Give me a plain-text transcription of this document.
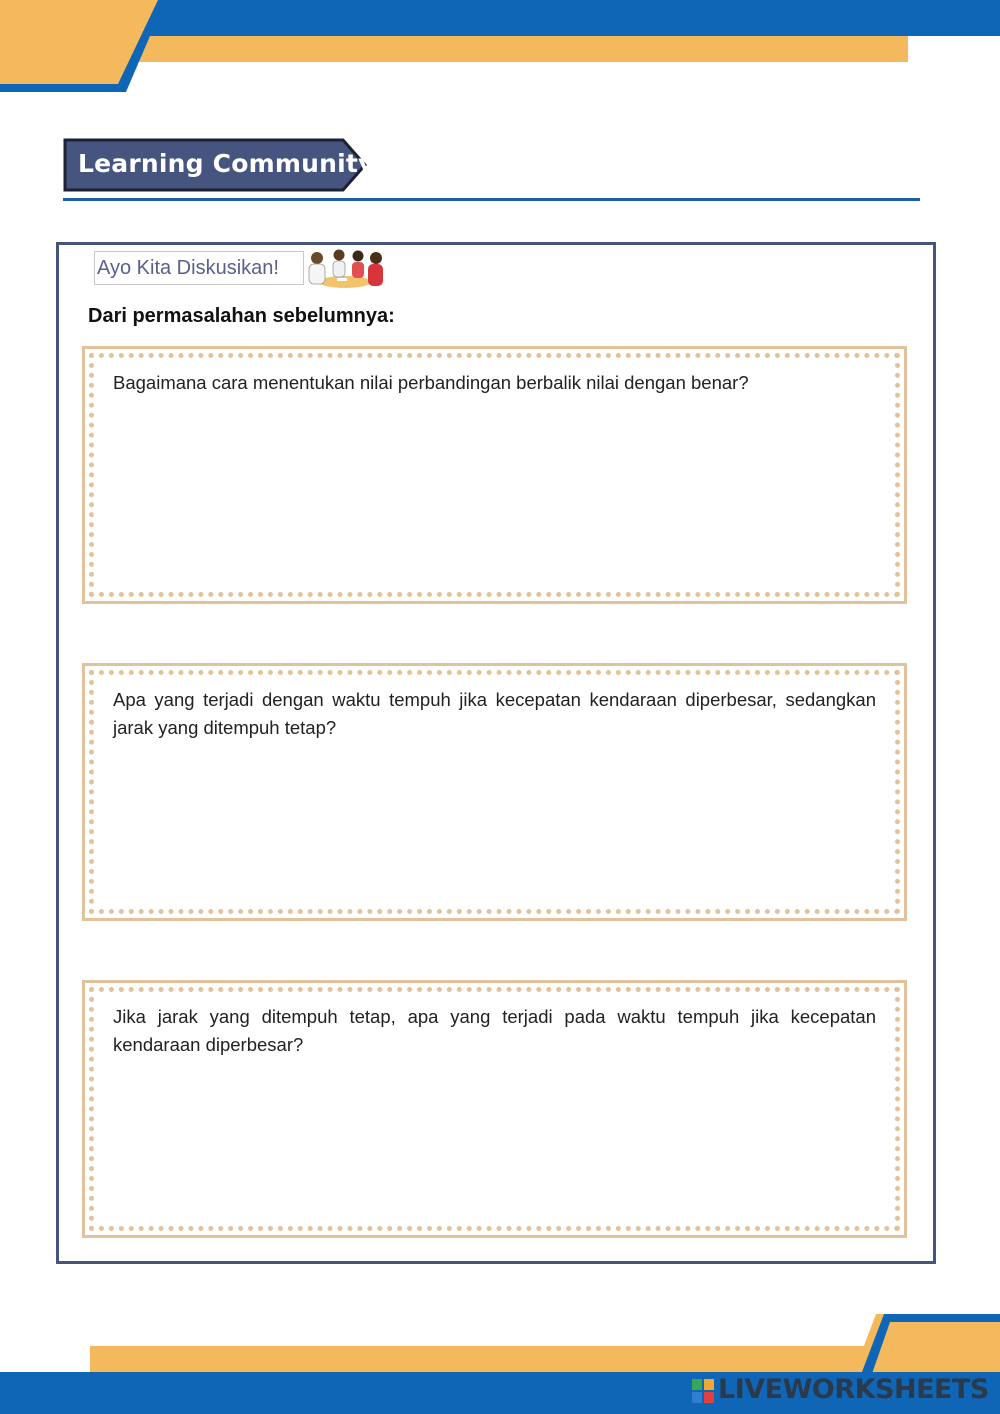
Learning Community
Ayo Kita Diskusikan!
Dari permasalahan sebelumnya:
Bagaimana cara menentukan nilai perbandingan berbalik nilai dengan benar?
Apa yang terjadi dengan waktu tempuh jika kecepatan kendaraan diperbesar, sedangkan jarak yang ditempuh tetap?
Jika jarak yang ditempuh tetap, apa yang terjadi pada waktu tempuh jika kecepatan kendaraan diperbesar?
LIVEWORKSHEETS
